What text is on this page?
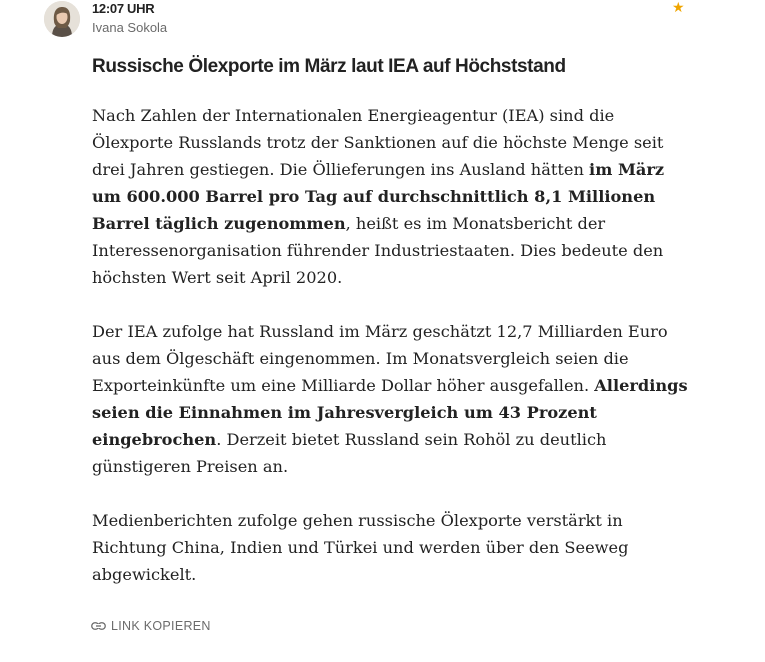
12:07 UHR
Ivana Sokola
★
Russische Ölexporte im März laut IEA auf Höchststand

Nach Zahlen der Internationalen Energieagentur (IEA) sind die Ölexporte Russlands trotz der Sanktionen auf die höchste Menge seit drei Jahren gestiegen. Die Öllieferungen ins Ausland hätten im März um 600.000 Barrel pro Tag auf durchschnittlich 8,1 Millionen Barrel täglich zugenommen, heißt es im Monatsbericht der Interessenorganisation führender Industriestaaten. Dies bedeute den höchsten Wert seit April 2020.

Der IEA zufolge hat Russland im März geschätzt 12,7 Milliarden Euro aus dem Ölgeschäft eingenommen. Im Monatsvergleich seien die Exporteinkünfte um eine Milliarde Dollar höher ausgefallen. Allerdings seien die Einnahmen im Jahresvergleich um 43 Prozent eingebrochen. Derzeit bietet Russland sein Rohöl zu deutlich günstigeren Preisen an.

Medienberichten zufolge gehen russische Ölexporte verstärkt in Richtung China, Indien und Türkei und werden über den Seeweg abgewickelt.

LINK KOPIEREN
